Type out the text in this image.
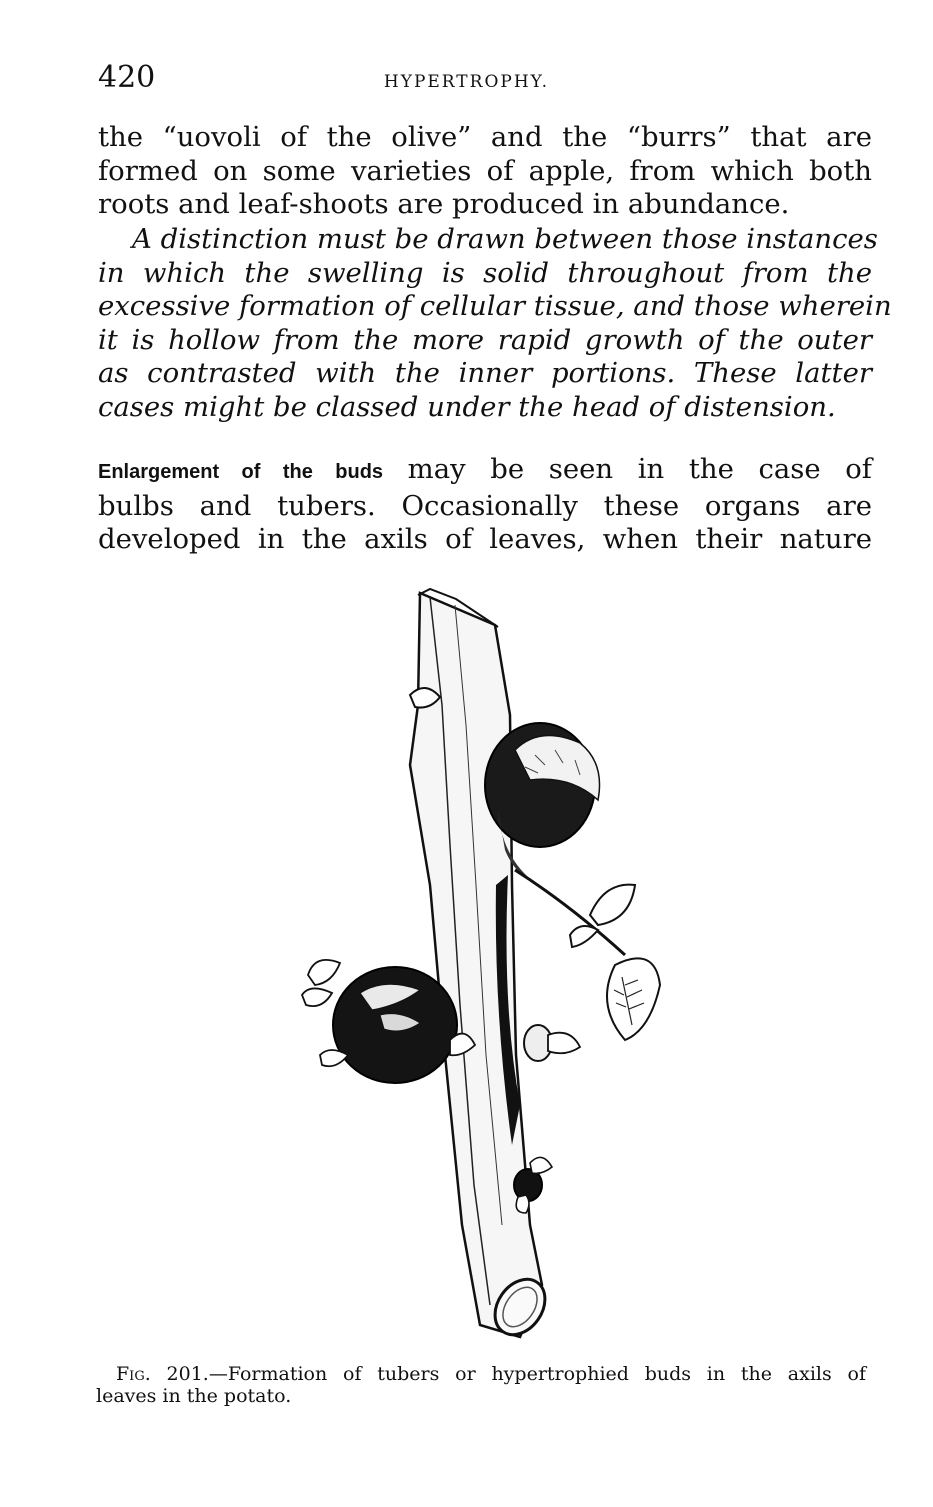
420	HYPERTROPHY.
the “uovoli of the olive” and the “burrs” that are
formed on some varieties of apple, from which both
roots and leaf-shoots are produced in abundance.
A distinction must be drawn between those instances
in which the swelling is solid throughout from the
excessive formation of cellular tissue, and those wherein
it is hollow from the more rapid growth of the outer
as contrasted with the inner portions. These latter
cases might be classed under the head of distension.
Enlargement of the buds may be seen in the case of
bulbs and tubers. Occasionally these organs are
developed in the axils of leaves, when their nature
Fig. 201.—Formation of tubers or hypertrophied buds in the axils of
leaves in the potato.
